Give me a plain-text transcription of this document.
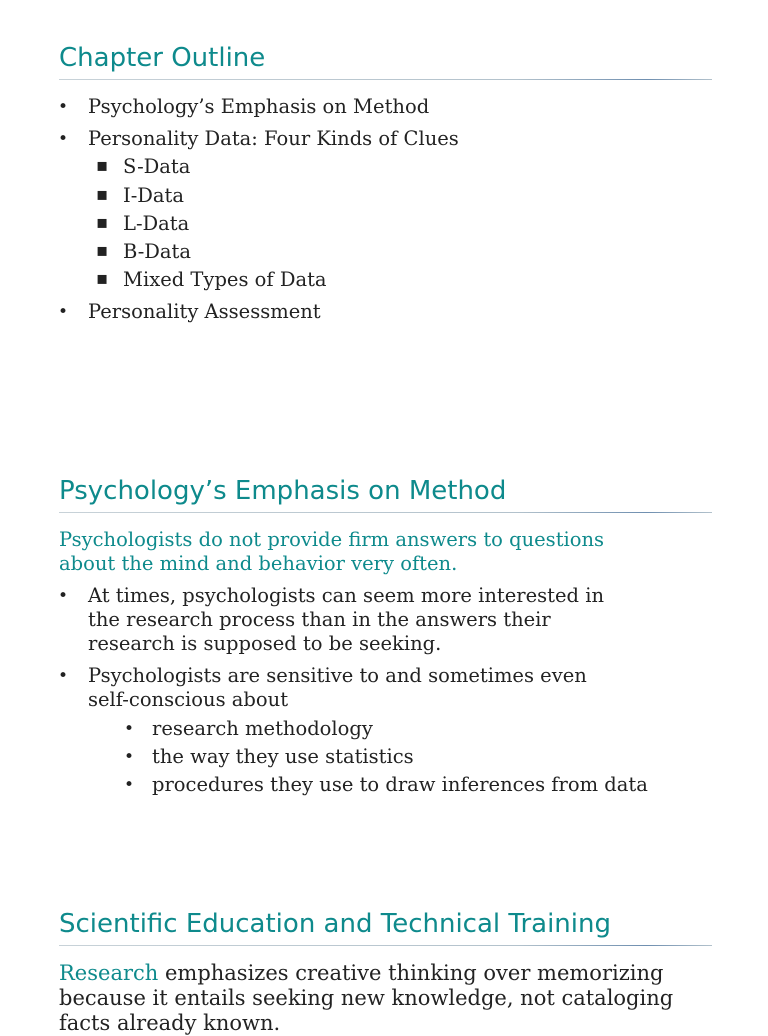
Chapter Outline
• Psychology’s Emphasis on Method
• Personality Data: Four Kinds of Clues
▪ S-Data
▪ I-Data
▪ L-Data
▪ B-Data
▪ Mixed Types of Data
• Personality Assessment
Psychology’s Emphasis on Method

Psychologists do not provide firm answers to questions about the mind and behavior very often.

• At times, psychologists can seem more interested in the research process than in the answers their research is supposed to be seeking.
• Psychologists are sensitive to and sometimes even self-conscious about
• research methodology
• the way they use statistics
• procedures they use to draw inferences from data
Scientific Education and Technical Training

Research emphasizes creative thinking over memorizing because it entails seeking new knowledge, not cataloging facts already known.
